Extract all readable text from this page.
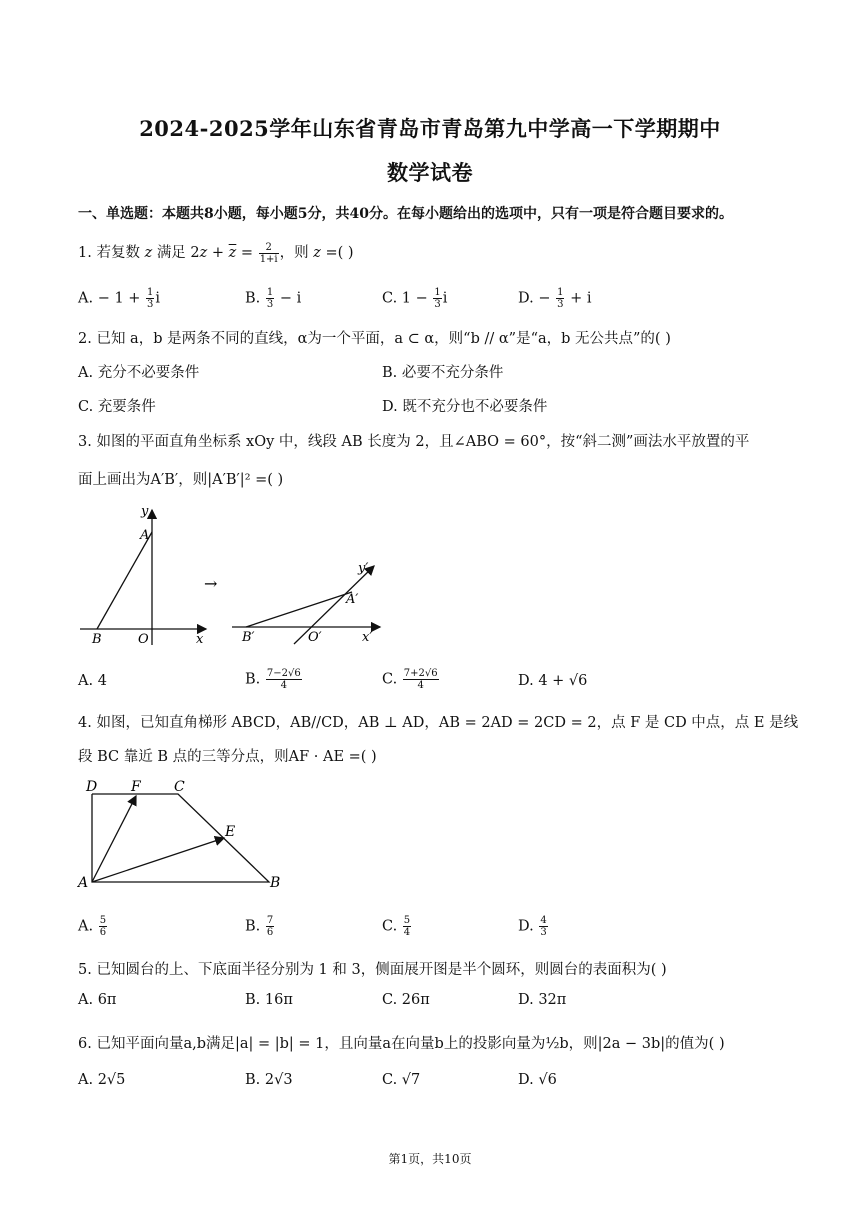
2024-2025学年山东省青岛市青岛第九中学高一下学期期中
数学试卷
一、单选题：本题共8小题，每小题5分，共40分。在每小题给出的选项中，只有一项是符合题目要求的。
1. 若复数 z 满足 $2z + \overline{z} = \frac{2}{1+i}$ ，则 z =( )
A. − $1 + \frac{1}{3}$ i	B. $\frac{1}{3} - i$	C. $1 - \frac{1}{3}$ i	D. − $\frac{1}{3} + i$
2. 已知 a，b 是两条不同的直线，α为一个平面，a ⊂ α，则“b // α”是“a，b 无公共点”的( )
A. 充分不必要条件	B. 必要不充分条件
C. 充要条件	D. 既不充分也不必要条件
3. 如图的平面直角坐标系 xOy 中，线段 AB 长度为 2，且∠ABO = 60°，按“斜二测”画法水平放置的平
面上画出为A′B′，则|A′B′|² =( )
y
A
B	O	x
→
y′
A′
B′	O′	x′
A. 4	B. $\frac{7-2√6}{4}$	C. $\frac{7+2√6}{4}$	D. 4 + √6
4. 如图，已知直角梯形 ABCD，AB//CD，AB ⊥ AD，AB = 2AD = 2CD = 2，点 F 是 CD 中点，点 E 是线
段 BC 靠近 B 点的三等分点，则AF · AE =( )
D F C
E
A	B
A. $\frac{5}{6}$	B. $\frac{7}{6}$	C. $\frac{5}{4}$	D. $\frac{4}{3}$
5. 已知圆台的上、下底面半径分别为 1 和 3，侧面展开图是半个圆环，则圆台的表面积为( )
A. 6π	B. 16π	C. 26π	D. 32π
6. 已知平面向量a,b满足|a| = |b| = 1，且向量a在向量b上的投影向量为½b，则|2a − 3b|的值为( )
A. 2√5	B. 2√3	C. √7	D. √6
第1页，共10页
